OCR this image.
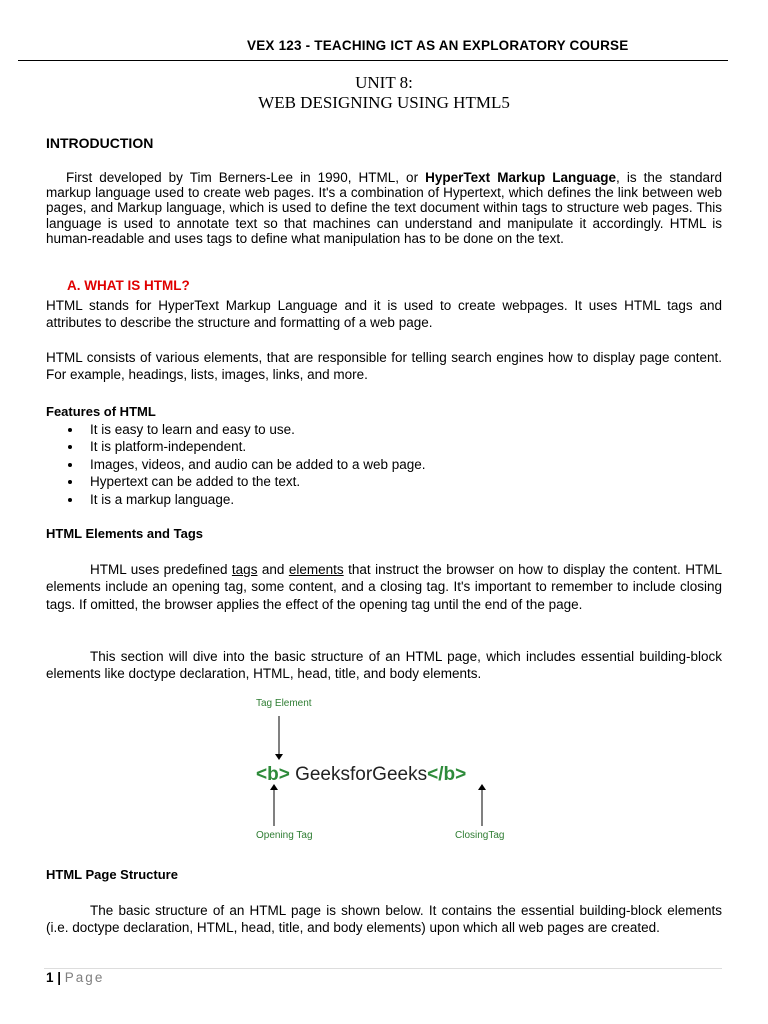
VEX 123 - TEACHING ICT AS AN EXPLORATORY COURSE
UNIT 8:
WEB DESIGNING USING HTML5
INTRODUCTION
First developed by Tim Berners-Lee in 1990, HTML, or HyperText Markup Language, is the standard markup language used to create web pages. It's a combination of Hypertext, which defines the link between web pages, and Markup language, which is used to define the text document within tags to structure web pages. This language is used to annotate text so that machines can understand and manipulate it accordingly. HTML is human-readable and uses tags to define what manipulation has to be done on the text.
A. WHAT IS HTML?
HTML stands for HyperText Markup Language and it is used to create webpages. It uses HTML tags and attributes to describe the structure and formatting of a web page.
HTML consists of various elements, that are responsible for telling search engines how to display page content. For example, headings, lists, images, links, and more.
Features of HTML
It is easy to learn and easy to use.
It is platform-independent.
Images, videos, and audio can be added to a web page.
Hypertext can be added to the text.
It is a markup language.
HTML Elements and Tags
HTML uses predefined tags and elements that instruct the browser on how to display the content. HTML elements include an opening tag, some content, and a closing tag. It's important to remember to include closing tags. If omitted, the browser applies the effect of the opening tag until the end of the page.
This section will dive into the basic structure of an HTML page, which includes essential building-block elements like doctype declaration, HTML, head, title, and body elements.
Tag Element
<b> GeeksforGeeks</b>
Opening Tag	ClosingTag
HTML Page Structure
The basic structure of an HTML page is shown below. It contains the essential building-block elements (i.e. doctype declaration, HTML, head, title, and body elements) upon which all web pages are created.
1 | Page
